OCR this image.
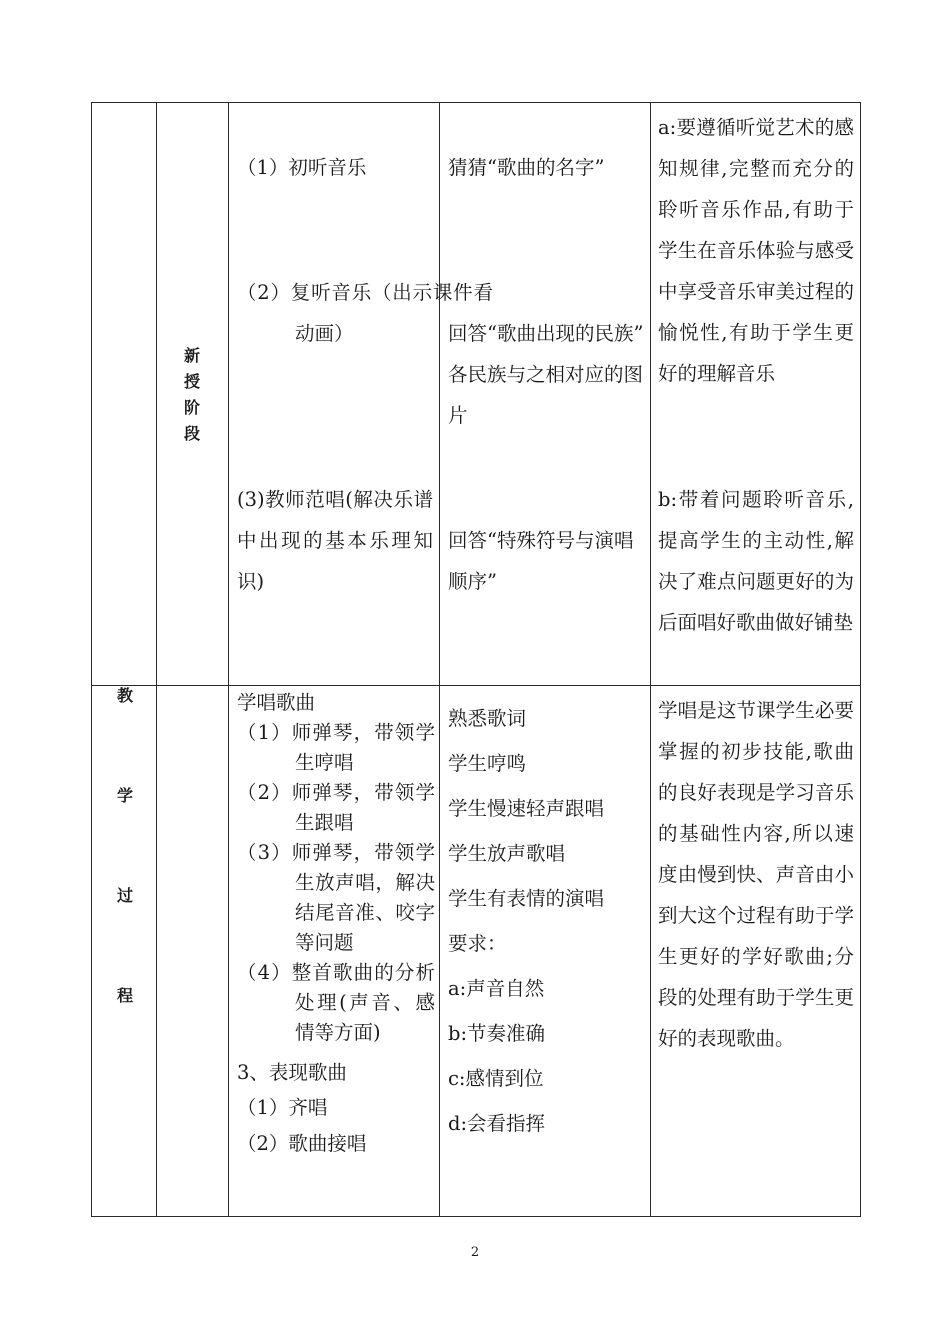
新
授
阶
段

（1）初听音乐

（2）复听音乐（出示课件看动画）

(3)教师范唱(解决乐谱中出现的基本乐理知识)

猜猜“歌曲的名字”

回答“歌曲出现的民族”

各民族与之相对应的图片

回答“特殊符号与演唱顺序”

a:要遵循听觉艺术的感知规律,完整而充分的聆听音乐作品,有助于学生在音乐体验与感受中享受音乐审美过程的愉悦性,有助于学生更好的理解音乐

b:带着问题聆听音乐,提高学生的主动性,解决了难点问题更好的为后面唱好歌曲做好铺垫

教
学
过
程

学唱歌曲

（1）师弹琴，带领学生哼唱

（2）师弹琴，带领学生跟唱

（3）师弹琴，带领学生放声唱，解决结尾音准、咬字等问题

（4）整首歌曲的分析处理(声音、感情等方面)

3、表现歌曲

（1）齐唱

（2）歌曲接唱

熟悉歌词

学生哼鸣

学生慢速轻声跟唱

学生放声歌唱

学生有表情的演唱

要求：

a:声音自然

b:节奏准确

c:感情到位

d:会看指挥

学唱是这节课学生必要掌握的初步技能,歌曲的良好表现是学习音乐的基础性内容,所以速度由慢到快、声音由小到大这个过程有助于学生更好的学好歌曲;分段的处理有助于学生更好的表现歌曲。

2
